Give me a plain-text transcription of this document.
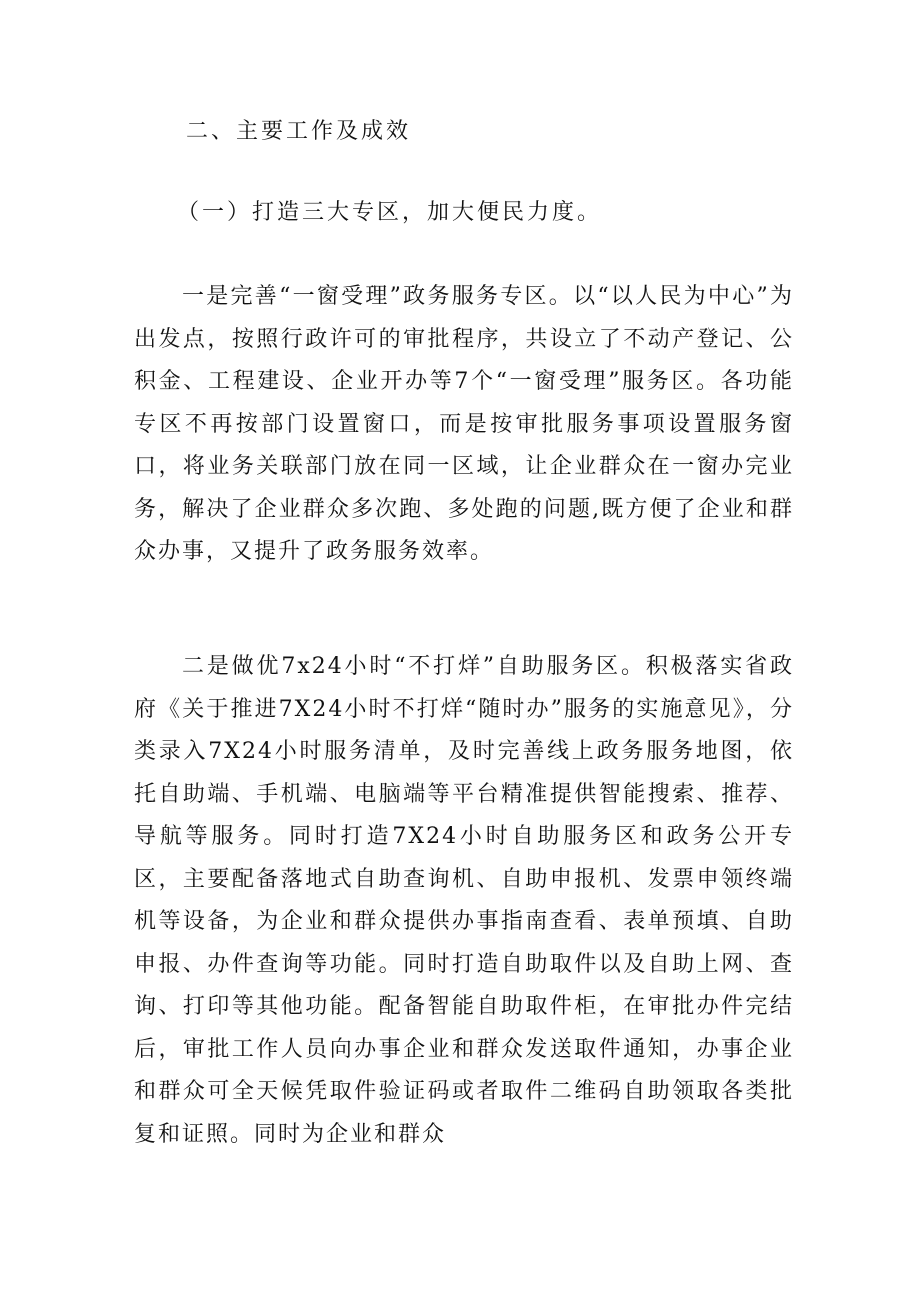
二、主要工作及成效
（一）打造三大专区，加大便民力度。

一是完善“一窗受理”政务服务专区。以“以人民为中心”为出发点，按照行政许可的审批程序，共设立了不动产登记、公积金、工程建设、企业开办等7个“一窗受理”服务区。各功能专区不再按部门设置窗口，而是按审批服务事项设置服务窗口，将业务关联部门放在同一区域，让企业群众在一窗办完业务，解决了企业群众多次跑、多处跑的问题,既方便了企业和群众办事，又提升了政务服务效率。

二是做优7x24小时“不打烊”自助服务区。积极落实省政府《关于推进7X24小时不打烊“随时办”服务的实施意见》，分类录入7X24小时服务清单，及时完善线上政务服务地图，依托自助端、手机端、电脑端等平台精准提供智能搜索、推荐、导航等服务。同时打造7X24小时自助服务区和政务公开专区，主要配备落地式自助查询机、自助申报机、发票申领终端机等设备，为企业和群众提供办事指南查看、表单预填、自助申报、办件查询等功能。同时打造自助取件以及自助上网、查询、打印等其他功能。配备智能自助取件柜，在审批办件完结后，审批工作人员向办事企业和群众发送取件通知，办事企业和群众可全天候凭取件验证码或者取件二维码自助领取各类批复和证照。同时为企业和群众
